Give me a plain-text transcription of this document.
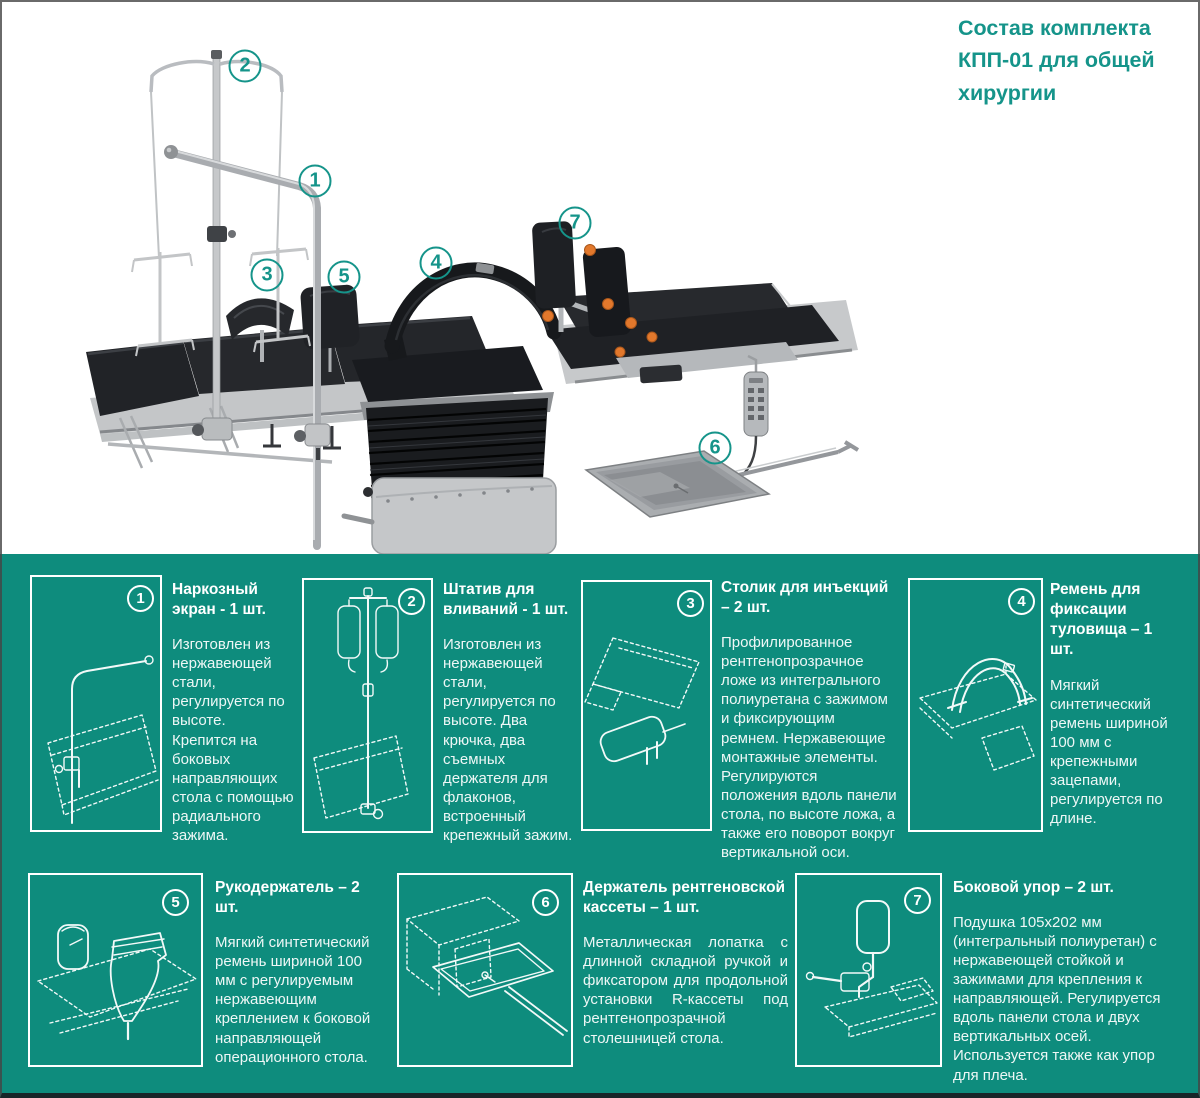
Состав комплекта КПП-01 для общей хирургии
1
2
3
4
5
6
7
1
Наркозный экран - 1 шт.

Изготовлен из нержавеющей стали, регулируется по высоте. Крепится на боковых направляющих стола с помощью радиального зажима.

2
Штатив для вливаний - 1 шт.

Изготовлен из нержавеющей стали, регулируется по высоте. Два крючка, два съемных держателя для флаконов, встроенный крепежный зажим.

3
Столик для инъекций – 2 шт.

Профилированное рентгенопрозрачное ложе из интегрального полиуретана с зажимом и фиксирующим ремнем. Нержавеющие монтажные элементы. Регулируются положения вдоль панели стола, по высоте ложа, а также его поворот вокруг вертикальной оси.

4
Ремень для фиксации туловища – 1 шт.

Мягкий синтетический ремень шириной 100 мм с крепежными зацепами, регулируется по длине.

5
Рукодержатель – 2 шт.

Мягкий синтетический ремень шириной 100 мм с регулируемым нержавеющим креплением к боковой направляющей операционного стола.

6
Держатель рентгеновской кассеты – 1 шт.

Металлическая лопатка с длинной складной ручкой и фиксатором для продольной установки R-кассеты под рентгенопрозрачной столешницей стола.

7
Боковой упор – 2 шт.

Подушка 105х202 мм (интегральный полиуретан) с нержавеющей стойкой и зажимами для крепления к направляющей. Регулируется вдоль панели стола и двух вертикальных осей. Используется также как упор для плеча.
